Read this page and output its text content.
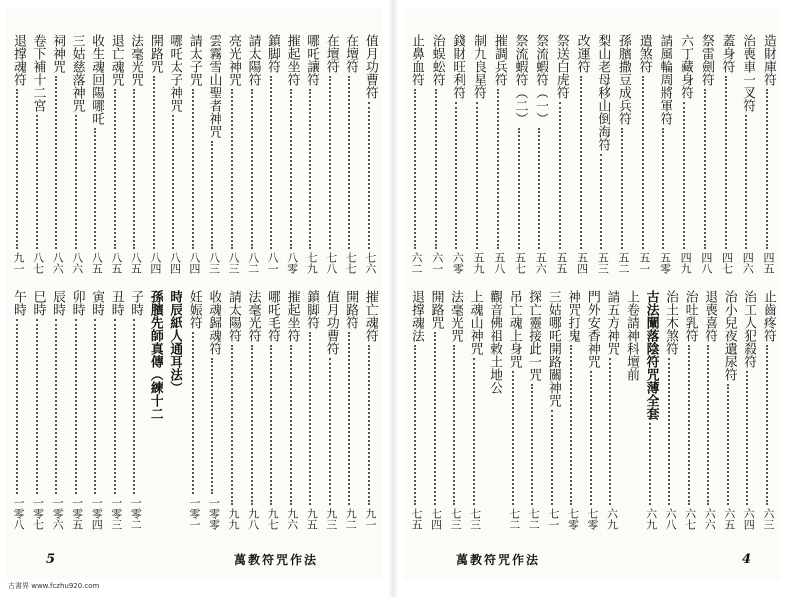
值月功曹符
七六
在壇符
七七
在壇符
七八
哪吒讓符
七九
摧起坐符
八零
鎮脚符
八一
請太陽符
八二
亮光神咒
八三
雲霧雪山聖者神咒
八三
請太子咒
八四
哪吒太子神咒
八四
開路咒
八四
法毫光咒
八五
退亡魂咒
八五
收生魂回陽哪吒
八五
三姑慈落神咒
八六
祠神咒
八六
卷下補十二宮
八七
退撑魂符
九一
摧亡魂符
九一
開路符
九二
值月功曹符
九三
鎮脚符
九五
摧起坐符
九六
哪吒毛符
九七
法毫光符
九八
請太陽符
九九
收魂歸魂符
一零零
妊娠符
一零一
時辰紙人通耳法）
孫臏先師真傳（練十二
子時
一零二
丑時
一零三
寅時
一零四
卯時
一零五
辰時
一零六
巳時
一零七
午時
一零八
萬教符咒作法
5
造財庫符
四五
治喪車一叉符
四六
蓋身符
四七
祭雷劍符
四八
六丁藏身符
四九
請風輪周將軍符
五零
遣煞符
五一
孫臏撒豆成兵符
五二
梨山老母移山倒海符
五三
改運符
五四
祭送白虎符
五五
祭流蝦符（一）
五六
祭流蝦符（二）
五七
摧調兵符
五八
制九良星符
五九
錢財旺利符
六零
治蜈蚣符
六一
止鼻血符
六二
止齒疼符
六三
治工人犯殺符
六四
治小兒夜遺尿符
六五
退喪喜符
六六
治吐乳符
六七
治土木煞符
六八
古法闡落陰符咒薄全套
六九
上卷請神科壇前
請五方神咒
六九
門外安香神咒
七零
神咒打鬼
七零
三姑哪吒開路關神咒
七一
探亡靈接此一咒
七二
吊亡魂上身咒
七二
觀音佛祖敕土地公
上魂山神咒
七三
法毫光咒
七三
開路咒
七四
退撑魂法
七五
萬教符咒作法	4
古書界 www.fczhu920.com
